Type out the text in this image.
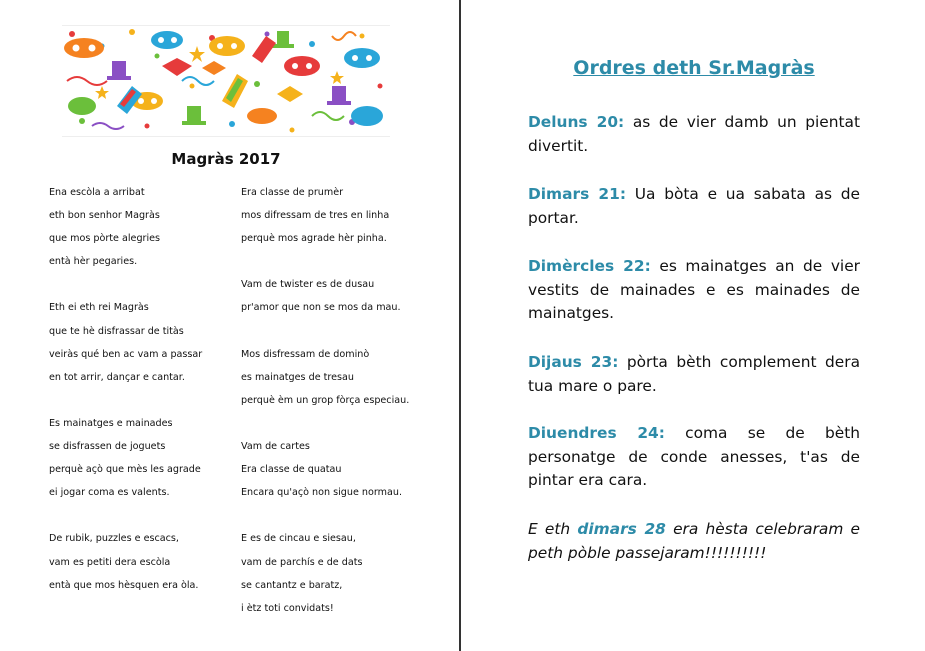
Magràs 2017
Ena escòla a arribat
eth bon senhor Magràs
que mos pòrte alegries
entà hèr pegaries.
Eth ei eth rei Magràs
que te hè disfrassar de titàs
veiràs qué ben ac vam a passar
en tot arrir, dançar e cantar.
Es mainatges e mainades
se disfrassen de joguets
perquè açò que mès les agrade
ei jogar coma es valents.
De rubik, puzzles e escacs,
vam es petiti dera escòla
entà que mos hèsquen era òla.
Era classe de prumèr
mos difressam de tres en linha
perquè mos agrade hèr pinha.
Vam de twister es de dusau
pr'amor que non se mos da mau.
Mos disfressam de dominò
es mainatges de tresau
perquè èm un grop fòrça especiau.
Vam de cartes
Era classe de quatau
Encara qu'açò non sigue normau.
E es de cincau e siesau,
vam de parchís e de dats
se cantantz e baratz,
i ètz toti convidats!
Ordres deth Sr.Magràs
Deluns 20: as de vier damb un pientat divertit.
Dimars 21: Ua bòta e ua sabata as de portar.
Dimèrcles 22: es mainatges an de vier vestits de mainades e es mainades de mainatges.
Dijaus 23: pòrta bèth complement dera tua mare o pare.
Diuendres 24: coma se de bèth personatge de conde anesses, t'as de pintar era cara.
E eth dimars 28 era hèsta celebraram e peth pòble passejaram!!!!!!!!!!
